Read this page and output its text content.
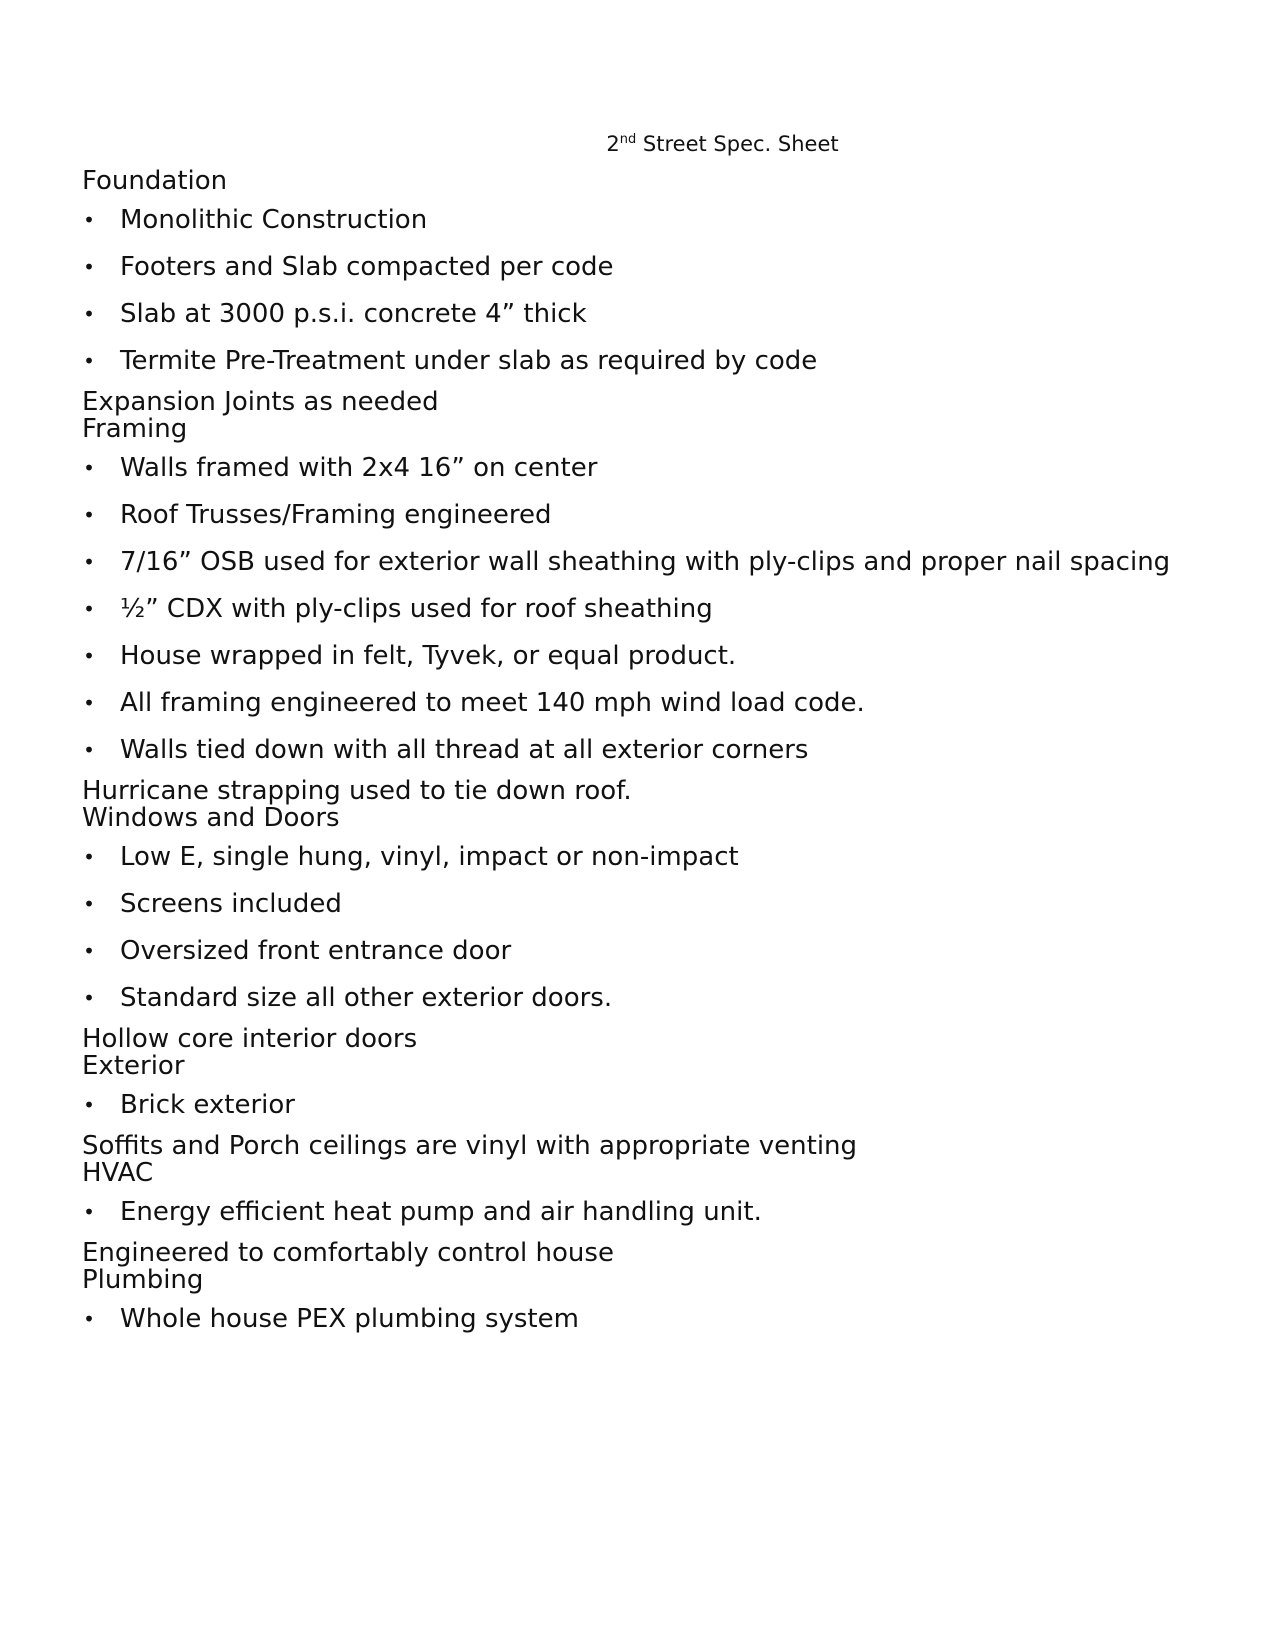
2nd Street Spec. Sheet

Foundation

• Monolithic Construction
• Footers and Slab compacted per code
• Slab at 3000 p.s.i. concrete 4” thick
• Termite Pre-Treatment under slab as required by code

Expansion Joints as needed

Framing

• Walls framed with 2x4 16” on center
• Roof Trusses/Framing engineered
• 7/16” OSB used for exterior wall sheathing with ply-clips and proper nail spacing
• ½” CDX with ply-clips used for roof sheathing
• House wrapped in felt, Tyvek, or equal product.
• All framing engineered to meet 140 mph wind load code.
• Walls tied down with all thread at all exterior corners

Hurricane strapping used to tie down roof.

Windows and Doors

• Low E, single hung, vinyl, impact or non-impact
• Screens included
• Oversized front entrance door
• Standard size all other exterior doors.

Hollow core interior doors

Exterior

• Brick exterior

Soffits and Porch ceilings are vinyl with appropriate venting

HVAC

• Energy efficient heat pump and air handling unit.

Engineered to comfortably control house

Plumbing

• Whole house PEX plumbing system
